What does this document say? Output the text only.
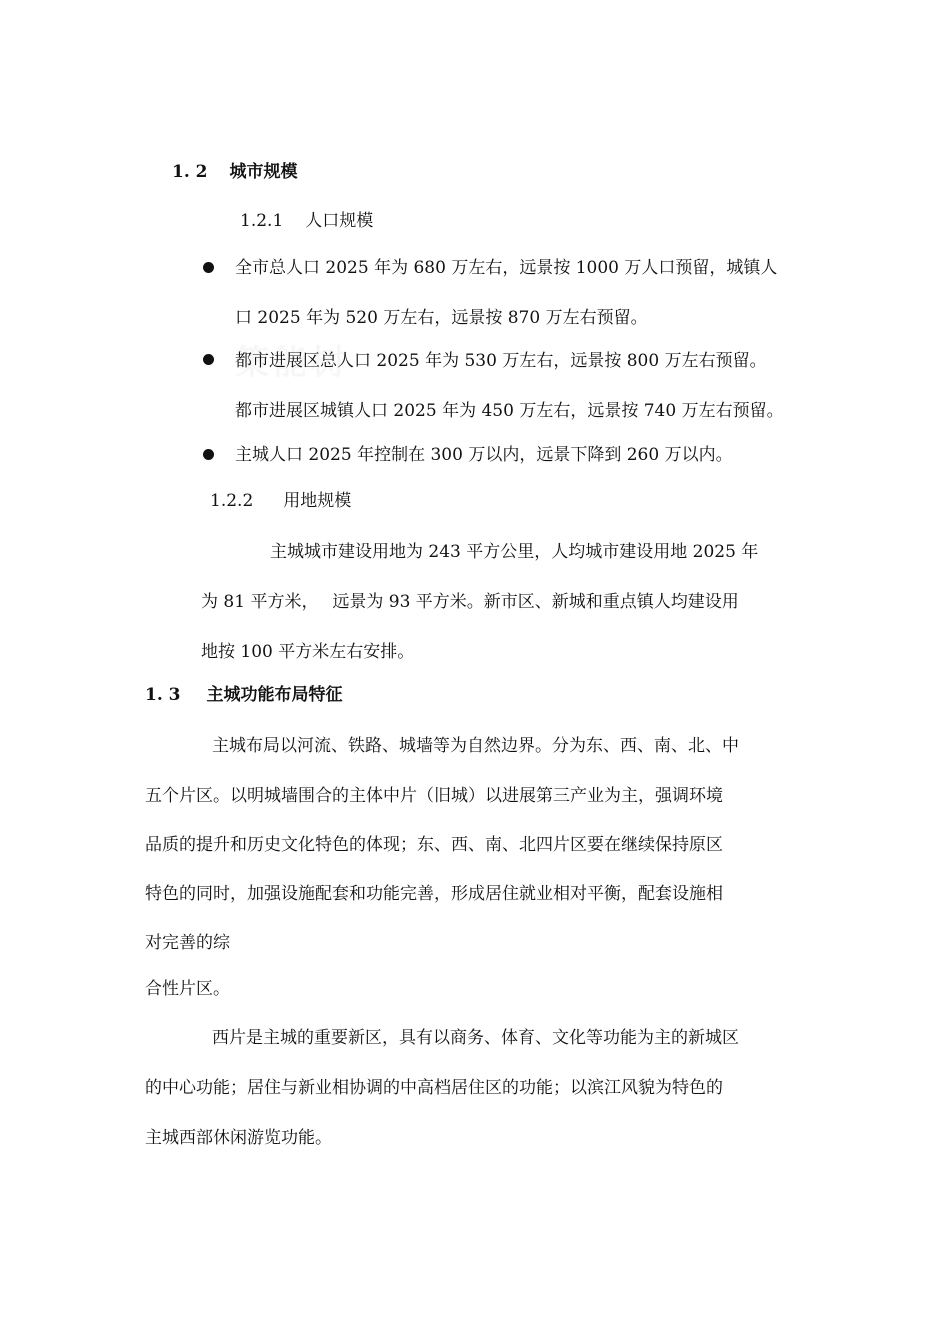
1. 2 城市规模
1.2.1 人口规模
全市总人口 2025 年为 680 万左右，远景按 1000 万人口预留，城镇人
口 2025 年为 520 万左右，远景按 870 万左右预留。
都市进展区总人口 2025 年为 530 万左右，远景按 800 万左右预留。
都市进展区城镇人口 2025 年为 450 万左右，远景按 740 万左右预留。
主城人口 2025 年控制在 300 万以内，远景下降到 260 万以内。
1.2.2 用地规模
主城城市建设用地为 243 平方公里，人均城市建设用地 2025 年
为 81 平方米，　 远景为 93 平方米。新市区、新城和重点镇人均建设用
地按 100 平方米左右安排。
1. 3 主城功能布局特征
主城布局以河流、铁路、城墙等为自然边界。分为东、西、南、北、中
五个片区。以明城墙围合的主体中片（旧城）以进展第三产业为主，强调环境
品质的提升和历史文化特色的体现；东、西、南、北四片区要在继续保持原区
特色的同时，加强设施配套和功能完善，形成居住就业相对平衡，配套设施相
对完善的综
合性片区。
西片是主城的重要新区，具有以商务、体育、文化等功能为主的新城区
的中心功能；居住与新业相协调的中高档居住区的功能；以滨江风貌为特色的
主城西部休闲游览功能。
